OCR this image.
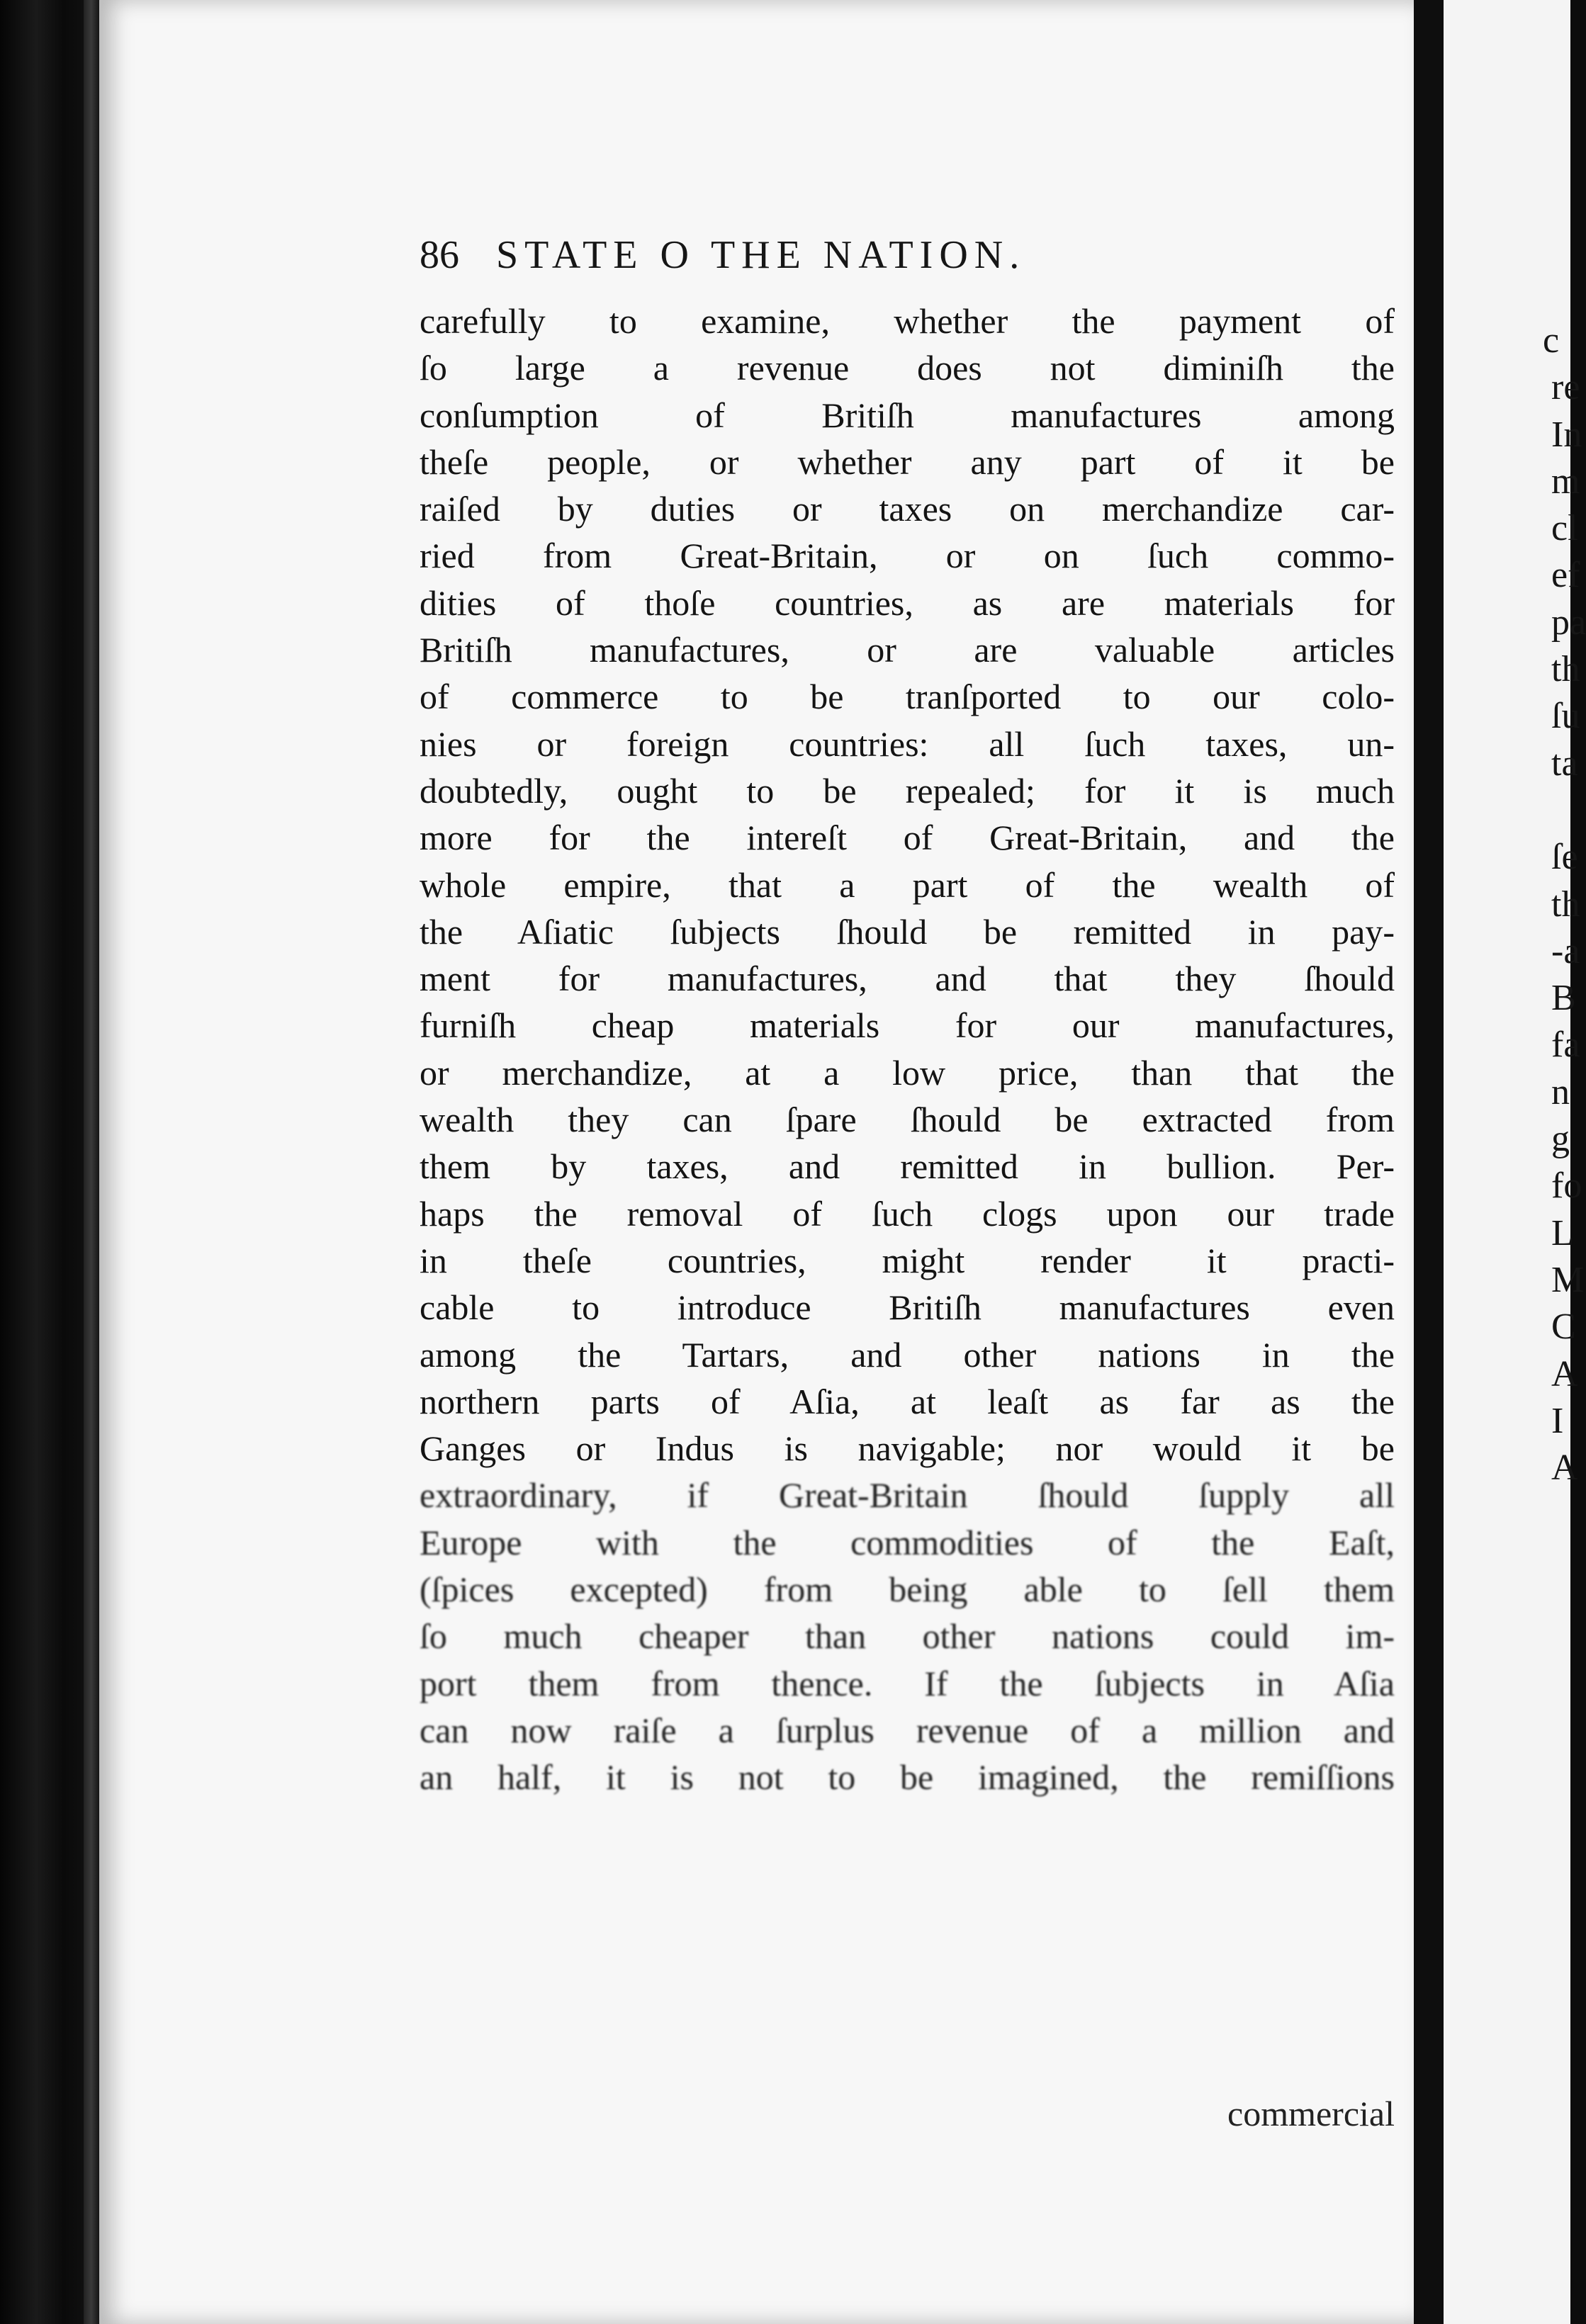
86 STATE O THE NATION.
carefully to examine, whether the payment of
ſo large a revenue does not diminiſh the
conſumption of Britiſh manufactures among
theſe people, or whether any part of it be
raiſed by duties or taxes on merchandize car-
ried from Great-Britain, or on ſuch commo-
dities of thoſe countries, as are materials for
Britiſh manufactures, or are valuable articles
of commerce to be tranſported to our colo-
nies or foreign countries: all ſuch taxes, un-
doubtedly, ought to be repealed; for it is much
more for the intereſt of Great-Britain, and the
whole empire, that a part of the wealth of
the Aſiatic ſubjects ſhould be remitted in pay-
ment for manufactures, and that they ſhould
furniſh cheap materials for our manufactures,
or merchandize, at a low price, than that the
wealth they can ſpare ſhould be extracted from
them by taxes, and remitted in bullion. Per-
haps the removal of ſuch clogs upon our trade
in theſe countries, might render it practi-
cable to introduce Britiſh manufactures even
among the Tartars, and other nations in the
northern parts of Aſia, at leaſt as far as the
Ganges or Indus is navigable; nor would it be
extraordinary, if Great-Britain ſhould ſupply all
Europe with the commodities of the Eaſt,
(ſpices excepted) from being able to ſell them
ſo much cheaper than other nations could im-
port them from thence. If the ſubjects in Aſia
can now raiſe a ſurplus revenue of a million and
an half, it is not to be imagined, the remiſſions
commercial
c
re
In
m
cl
ef
pa
th
ſu
ta
ſe
th
-a
B
fa
n
g
fo
L
M
C
A
I
A
